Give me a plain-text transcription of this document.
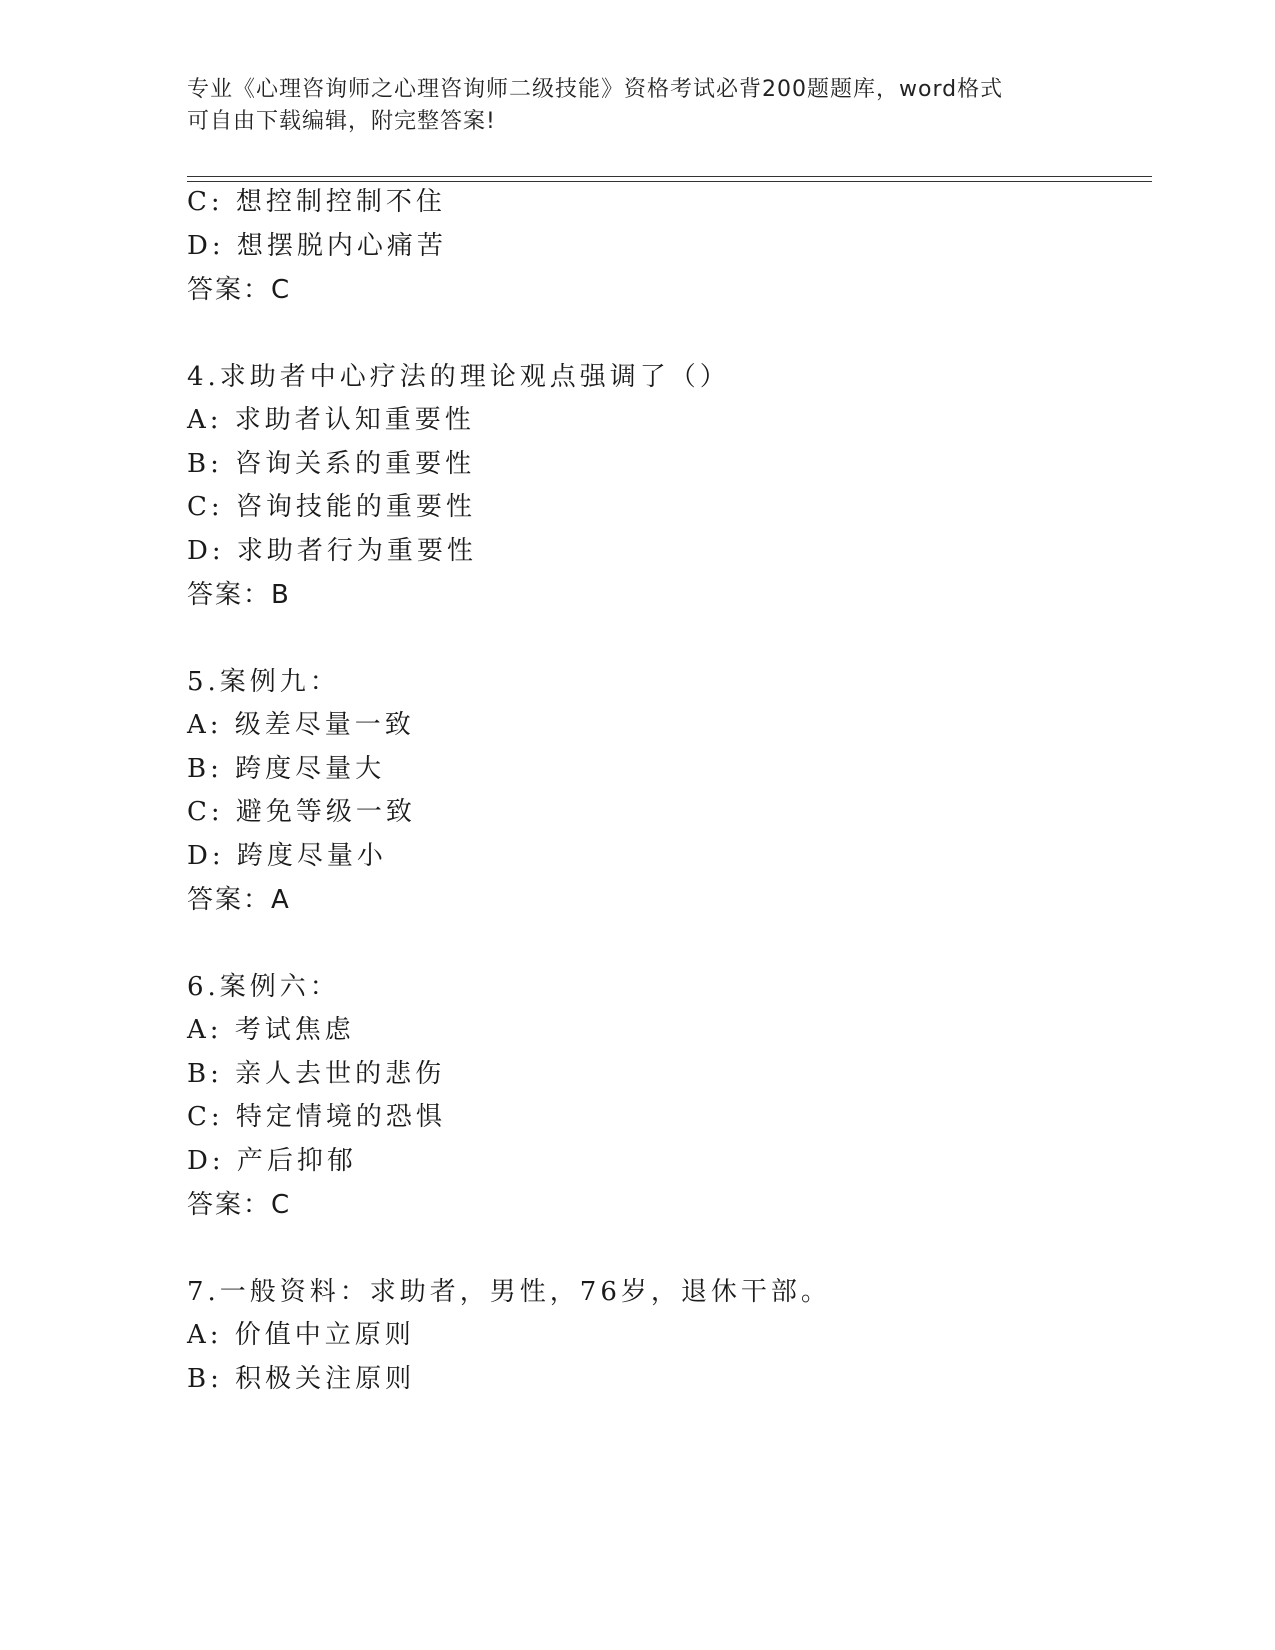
专业《心理咨询师之心理咨询师二级技能》资格考试必背200题题库，word格式
可自由下载编辑，附完整答案!
C: 想控制控制不住
D: 想摆脱内心痛苦
答案：C
4.求助者中心疗法的理论观点强调了（）
A: 求助者认知重要性
B: 咨询关系的重要性
C: 咨询技能的重要性
D: 求助者行为重要性
答案：B
5.案例九：
A: 级差尽量一致
B: 跨度尽量大
C: 避免等级一致
D: 跨度尽量小
答案：A
6.案例六：
A: 考试焦虑
B: 亲人去世的悲伤
C: 特定情境的恐惧
D: 产后抑郁
答案：C
7.一般资料：求助者，男性，76岁，退休干部。
A: 价值中立原则
B: 积极关注原则
